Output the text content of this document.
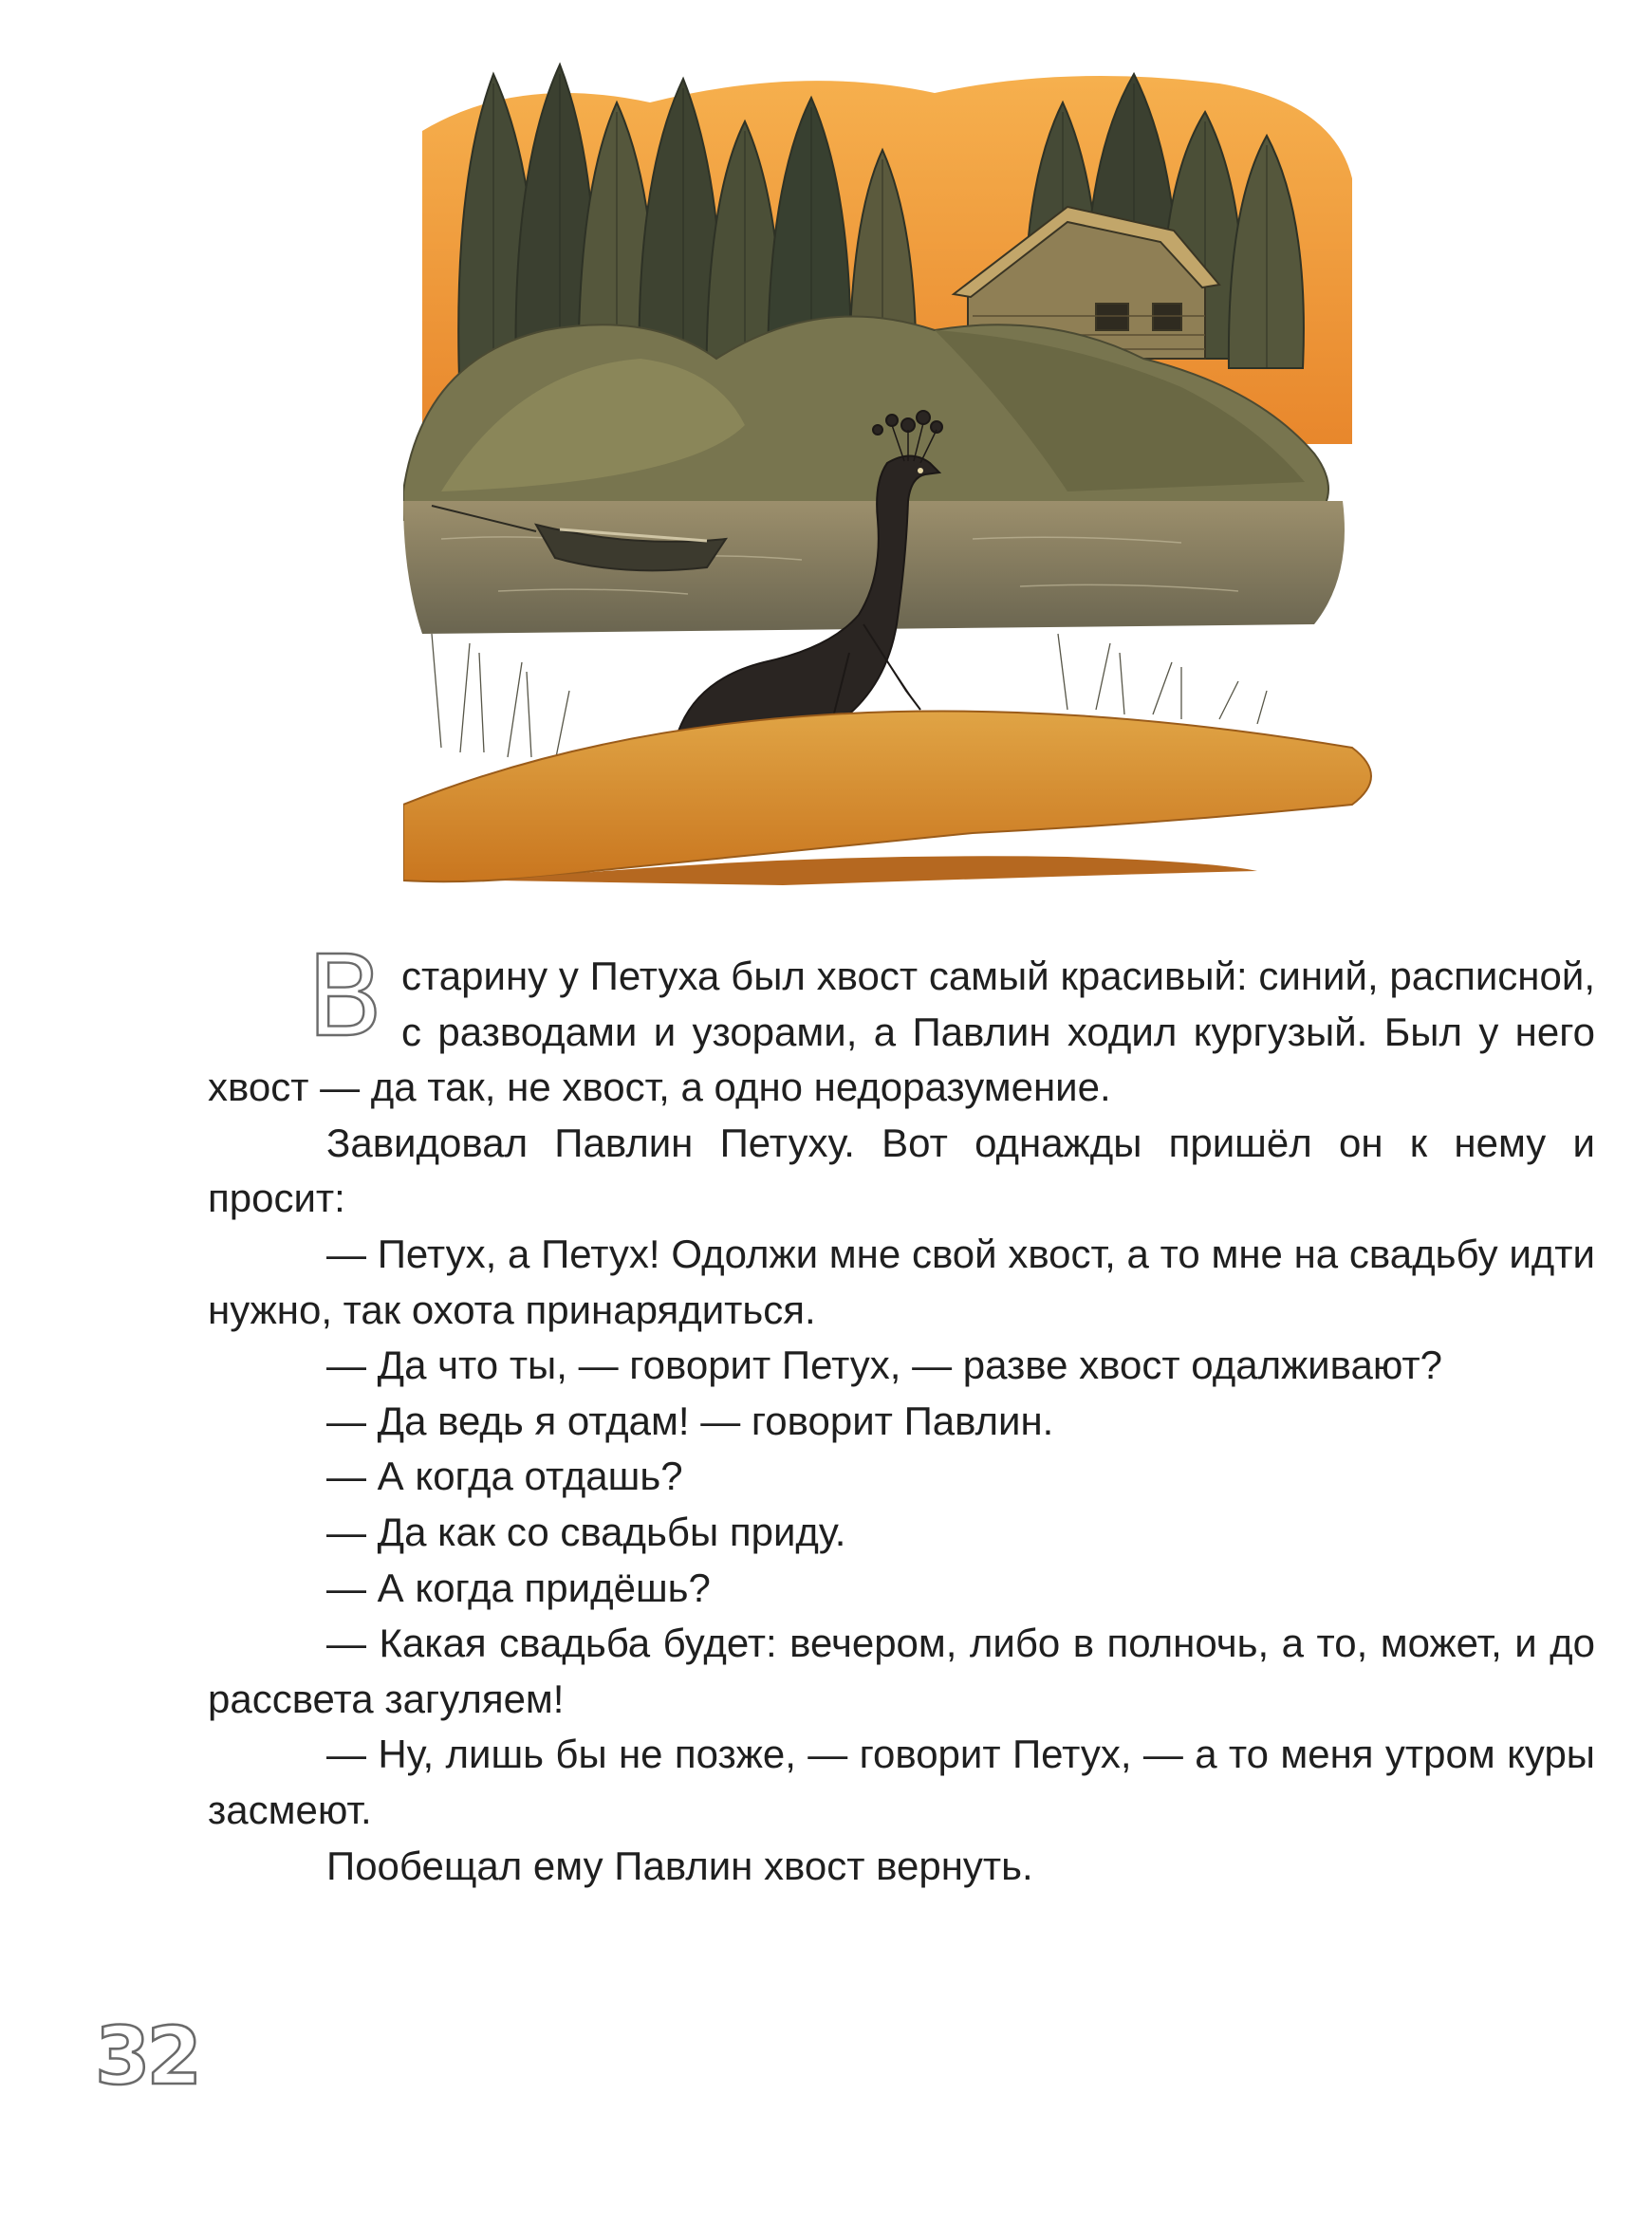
В старину у Петуха был хвост самый красивый: синий, расписной, с разводами и узорами, а Павлин ходил кургузый. Был у него хвост — да так, не хвост, а одно недоразумение.

Завидовал Павлин Петуху. Вот однажды пришёл он к нему и просит:

— Петух, а Петух! Одолжи мне свой хвост, а то мне на свадьбу идти нужно, так охота принарядиться.

— Да что ты, — говорит Петух, — разве хвост одалживают?

— Да ведь я отдам! — говорит Павлин.

— А когда отдашь?

— Да как со свадьбы приду.

— А когда придёшь?

— Какая свадьба будет: вечером, либо в полночь, а то, может, и до рассвета загуляем!

— Ну, лишь бы не позже, — говорит Петух, — а то меня утром куры засмеют.

Пообещал ему Павлин хвост вернуть.

32
